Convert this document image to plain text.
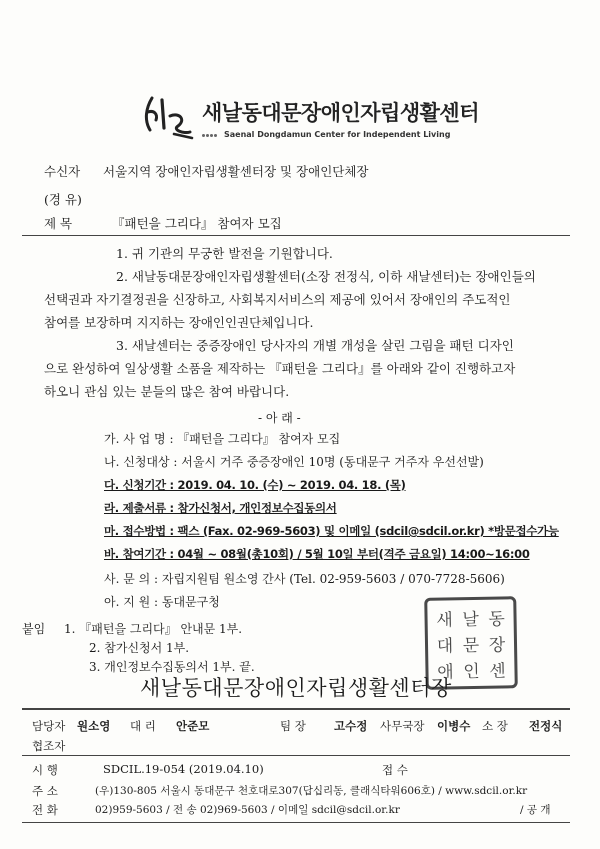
새날동대문장애인자립생활센터
Saenal Dongdamun Center for Independent Living
수신자 서울지역 장애인자립생활센터장 및 장애인단체장
(경 유)
제 목	『패턴을 그리다』 참여자 모집
1. 귀 기관의 무궁한 발전을 기원합니다.
2. 새날동대문장애인자립생활센터(소장 전정식, 이하 새날센터)는 장애인들의
선택권과 자기결정권을 신장하고, 사회복지서비스의 제공에 있어서 장애인의 주도적인
참여를 보장하며 지지하는 장애인인권단체입니다.
3. 새날센터는 중증장애인 당사자의 개별 개성을 살린 그림을 패턴 디자인
으로 완성하여 일상생활 소품을 제작하는 『패턴을 그리다』를 아래와 같이 진행하고자
하오니 관심 있는 분들의 많은 참여 바랍니다.
- 아 래 -
가. 사 업 명 : 『패턴을 그리다』 참여자 모집
나. 신청대상 : 서울시 거주 중증장애인 10명 (동대문구 거주자 우선선발)
다. 신청기간 : 2019. 04. 10. (수) ~ 2019. 04. 18. (목)
라. 제출서류 : 참가신청서, 개인정보수집동의서
마. 접수방법 : 팩스 (Fax. 02-969-5603) 및 이메일 (sdcil@sdcil.or.kr) *방문접수가능
바. 참여기간 : 04월 ~ 08월(총10회) / 5월 10일 부터(격주 금요일) 14:00~16:00
사. 문 의 : 자립지원팀 원소영 간사 (Tel. 02-959-5603 / 070-7728-5606)
아. 지 원 : 동대문구청
붙임 1. 『패턴을 그리다』 안내문 1부.
2. 참가신청서 1부.
3. 개인정보수집동의서 1부. 끝.
새 날 동
대 문 장
애 인 센
새날동대문장애인자립생활센터장
담당자 원소영 대 리 안준모	팀 장 고수정 사무국장 이병수 소 장 전정식
협조자
시 행	SDCIL.19-054 (2019.04.10)	접 수
주 소	(우)130-805 서울시 동대문구 천호대로307(답십리동, 클래식타워606호) / www.sdcil.or.kr
전 화	02)959-5603 / 전 송 02)969-5603 / 이메일 sdcil@sdcil.or.kr	/ 공 개
